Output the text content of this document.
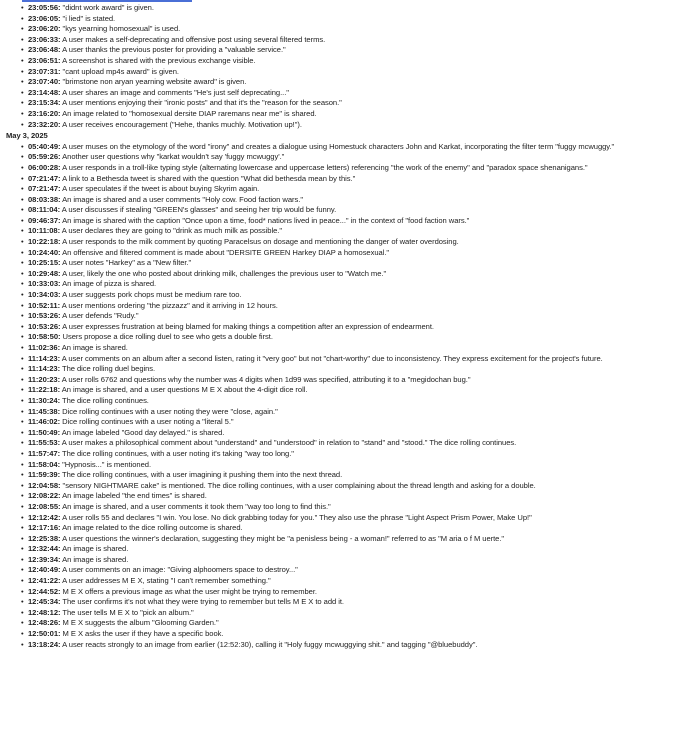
• 23:05:56: "didnt work award" is given.
• 23:06:05: "i lied" is stated.
• 23:06:20: "kys yearning homosexual" is used.
• 23:06:33: A user makes a self-deprecating and offensive post using several filtered terms.
• 23:06:48: A user thanks the previous poster for providing a "valuable service."
• 23:06:51: A screenshot is shared with the previous exchange visible.
• 23:07:31: "cant upload mp4s award" is given.
• 23:07:40: "brimstone non aryan yearning website award" is given.
• 23:14:48: A user shares an image and comments "He's just self deprecating..."
• 23:15:34: A user mentions enjoying their "ironic posts" and that it's the "reason for the season."
• 23:16:20: An image related to "homosexual dersite DIAP raremans near me" is shared.
• 23:32:20: A user receives encouragement ("Hehe, thanks muchly. Motivation up!").
May 3, 2025
• 05:40:49: A user muses on the etymology of the word "irony" and creates a dialogue using Homestuck characters John and Karkat, incorporating the filter term "fuggy mcwuggy."
• 05:59:26: Another user questions why "karkat wouldn't say 'fuggy mcwuggy'."
• 06:00:28: A user responds in a troll-like typing style (alternating lowercase and uppercase letters) referencing "the work of the enemy" and "paradox space shenanigans."
• 07:21:47: A link to a Bethesda tweet is shared with the question "What did bethesda mean by this."
• 07:21:47: A user speculates if the tweet is about buying Skyrim again.
• 08:03:38: An image is shared and a user comments "Holy cow. Food faction wars."
• 08:11:04: A user discusses if stealing "GREEN's glasses" and seeing her trip would be funny.
• 09:46:37: An image is shared with the caption "Once upon a time, food* nations lived in peace..." in the context of "food faction wars."
• 10:11:08: A user declares they are going to "drink as much milk as possible."
• 10:22:18: A user responds to the milk comment by quoting Paracelsus on dosage and mentioning the danger of water overdosing.
• 10:24:40: An offensive and filtered comment is made about "DERSITE GREEN Harkey DIAP a homosexual."
• 10:25:15: A user notes "Harkey" as a "New filter."
• 10:29:48: A user, likely the one who posted about drinking milk, challenges the previous user to "Watch me."
• 10:33:03: An image of pizza is shared.
• 10:34:03: A user suggests pork chops must be medium rare too.
• 10:52:11: A user mentions ordering "the pizzazz" and it arriving in 12 hours.
• 10:53:26: A user defends "Rudy."
• 10:53:26: A user expresses frustration at being blamed for making things a competition after an expression of endearment.
• 10:58:50: Users propose a dice rolling duel to see who gets a double first.
• 11:02:36: An image is shared.
• 11:14:23: A user comments on an album after a second listen, rating it "very goo" but not "chart-worthy" due to inconsistency. They express excitement for the project's future.
• 11:14:23: The dice rolling duel begins.
• 11:20:23: A user rolls 6762 and questions why the number was 4 digits when 1d99 was specified, attributing it to a "megidochan bug."
• 11:22:18: An image is shared, and a user questions M E X about the 4-digit dice roll.
• 11:30:24: The dice rolling continues.
• 11:45:38: Dice rolling continues with a user noting they were "close, again."
• 11:46:02: Dice rolling continues with a user noting a "literal 5."
• 11:50:49: An image labeled "Good day delayed." is shared.
• 11:55:53: A user makes a philosophical comment about "understand" and "understood" in relation to "stand" and "stood." The dice rolling continues.
• 11:57:47: The dice rolling continues, with a user noting it's taking "way too long."
• 11:58:04: "Hypnosis..." is mentioned.
• 11:59:39: The dice rolling continues, with a user imagining it pushing them into the next thread.
• 12:04:58: "sensory NIGHTMARE cake" is mentioned. The dice rolling continues, with a user complaining about the thread length and asking for a double.
• 12:08:22: An image labeled "the end times" is shared.
• 12:08:55: An image is shared, and a user comments it took them "way too long to find this."
• 12:12:42: A user rolls 55 and declares "I win. You lose. No dick grabbing today for you." They also use the phrase "Light Aspect Prism Power, Make Up!"
• 12:17:16: An image related to the dice rolling outcome is shared.
• 12:25:38: A user questions the winner's declaration, suggesting they might be "a penisless being - a woman!" referred to as "M aria o f M uerte."
• 12:32:44: An image is shared.
• 12:39:34: An image is shared.
• 12:40:49: A user comments on an image: "Giving alphoomers space to destroy..."
• 12:41:22: A user addresses M E X, stating "I can't remember something."
• 12:44:52: M E X offers a previous image as what the user might be trying to remember.
• 12:45:34: The user confirms it's not what they were trying to remember but tells M E X to add it.
• 12:48:12: The user tells M E X to "pick an album."
• 12:48:26: M E X suggests the album "Glooming Garden."
• 12:50:01: M E X asks the user if they have a specific book.
• 13:18:24: A user reacts strongly to an image from earlier (12:52:30), calling it "Holy fuggy mcwuggying shit." and tagging "@bluebuddy".
